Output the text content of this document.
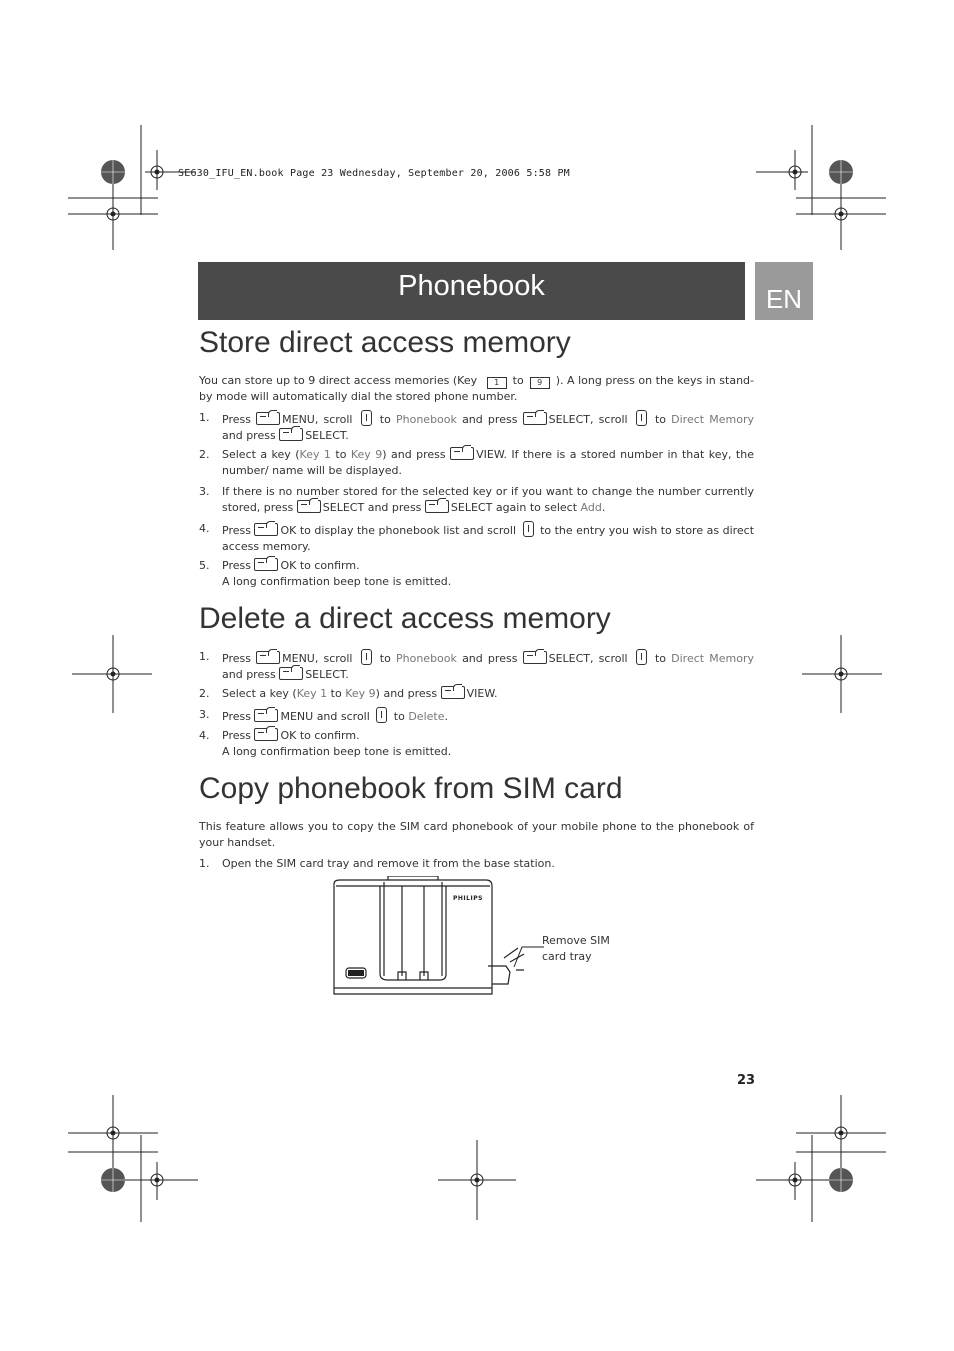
SE630_IFU_EN.book Page 23 Wednesday, September 20, 2006 5:58 PM
Phonebook	EN
Store direct access memory
You can store up to 9 direct access memories (Key 1 to 9 ). A long press on the keys in stand-by mode will automatically dial the stored phone number.
1.	Press	MENU, scroll to Phonebook and press	SELECT, scroll to Direct Memory and press	SELECT.
2.	Select a key (Key 1 to Key 9) and press	VIEW. If there is a stored number in that key, the number/ name will be displayed.
3.	If there is no number stored for the selected key or if you want to change the number currently stored, press	SELECT and press	SELECT again to select Add.
4.	Press	OK to display the phonebook list and scroll to the entry you wish to store as direct access memory.
5.	Press	OK to confirm.
A long confirmation beep tone is emitted.
Delete a direct access memory
1.	Press	MENU, scroll to Phonebook and press	SELECT, scroll to Direct Memory and press	SELECT.
2.	Select a key (Key 1 to Key 9) and press	VIEW.
3.	Press	MENU and scroll to Delete.
4.	Press	OK to confirm.
A long confirmation beep tone is emitted.
Copy phonebook from SIM card
This feature allows you to copy the SIM card phonebook of your mobile phone to the phonebook of your handset.
1.	Open the SIM card tray and remove it from the base station.
PHILIPS
Remove SIM card tray
23
